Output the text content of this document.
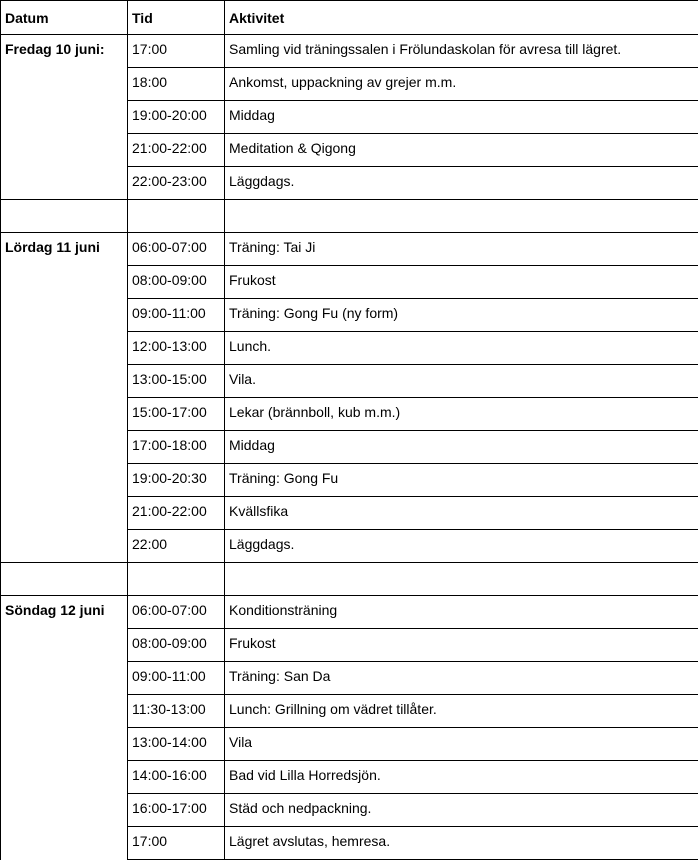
Datum	Tid	Aktivitet
Fredag 10 juni:	17:00	Samling vid träningssalen i Frölundaskolan för avresa till lägret.
	18:00	Ankomst, uppackning av grejer m.m.
	19:00-20:00	Middag
	21:00-22:00	Meditation & Qigong
	22:00-23:00	Läggdags.

Lördag 11 juni	06:00-07:00	Träning: Tai Ji
	08:00-09:00	Frukost
	09:00-11:00	Träning: Gong Fu (ny form)
	12:00-13:00	Lunch.
	13:00-15:00	Vila.
	15:00-17:00	Lekar (brännboll, kub m.m.)
	17:00-18:00	Middag
	19:00-20:30	Träning: Gong Fu
	21:00-22:00	Kvällsfika
	22:00	Läggdags.

Söndag 12 juni	06:00-07:00	Konditionsträning
	08:00-09:00	Frukost
	09:00-11:00	Träning: San Da
	11:30-13:00	Lunch: Grillning om vädret tillåter.
	13:00-14:00	Vila
	14:00-16:00	Bad vid Lilla Horredsjön.
	16:00-17:00	Städ och nedpackning.
	17:00	Lägret avslutas, hemresa.
